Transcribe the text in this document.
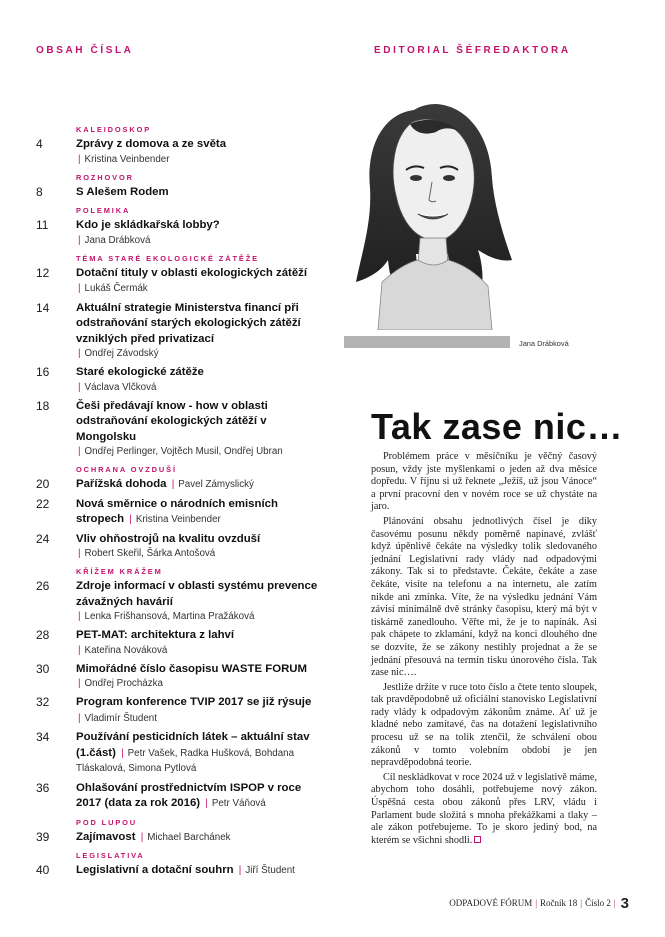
OBSAH ČÍSLA	EDITORIAL ŠÉFREDAKTORA
KALEIDOSKOP
4	Zprávy z domova a ze světa
| Kristina Veinbender
ROZHOVOR
8	S Alešem Rodem
POLEMIKA
11	Kdo je skládkařská lobby?
| Jana Drábková
TÉMA STARÉ EKOLOGICKÉ ZÁTĚŽE
12	Dotační tituly v oblasti ekologických zátěží | Lukáš Čermák
14	Aktuální strategie Ministerstva financí při odstraňování starých ekologických zátěží vzniklých před privatizací
| Ondřej Závodský
16	Staré ekologické zátěže
| Václava Vlčková
18	Češi předávají know - how v oblasti odstraňování ekologických zátěží v Mongolsku
| Ondřej Perlinger, Vojtěch Musil, Ondřej Ubran
OCHRANA OVZDUŠÍ
20	Pařížská dohoda | Pavel Zámyslický
22	Nová směrnice o národních emisních stropech | Kristina Veinbender
24	Vliv ohňostrojů na kvalitu ovzduší
| Robert Skeřil, Šárka Antošová
KŘÍŽEM KRÁŽEM
26	Zdroje informací v oblasti systému prevence závažných havárií
| Lenka Frišhansová, Martina Pražáková
28	PET-MAT: architektura z lahví
| Kateřina Nováková
30	Mimořádné číslo časopisu WASTE FORUM
| Ondřej Procházka
32	Program konference TVIP 2017 se již rýsuje | Vladimír Študent
34	Používání pesticidních látek – aktuální stav (1.část) | Petr Vašek, Radka Hušková, Bohdana Tláskalová, Simona Pytlová
36	Ohlašování prostřednictvím ISPOP v roce 2017 (data za rok 2016) | Petr Váňová
POD LUPOU
39	Zajímavost | Michael Barchánek
LEGISLATIVA
40	Legislativní a dotační souhrn | Jiří Študent
Jana Drábková
Tak zase nic…

Problémem práce v měsíčníku je věčný časový posun, vždy jste myšlenkami o jeden až dva měsíce dopředu. V říjnu si už řeknete „Ježíš, už jsou Vánoce“ a první pracovní den v novém roce se už chystáte na jaro.

Plánování obsahu jednotlivých čísel je díky časovému posunu někdy poměrně napínavé, zvlášť když úpěnlivě čekáte na výsledky tolik sledovaného jednání Legislativní rady vlády nad odpadovými zákony. Tak si to představte. Čekáte, čekáte a zase čekáte, visíte na telefonu a na internetu, ale zatím nikde ani zmínka. Víte, že na výsledku jednání Vám závisí minimálně dvě stránky časopisu, který má být v tiskárně zanedlouho. Věřte mi, že je to napínák. Asi pak chápete to zklamání, když na konci dlouhého dne se dozvíte, že se zákony nestihly projednat a že se jednání přesouvá na termín tisku únorového čísla. Tak zase nic….

Jestliže držíte v ruce toto číslo a čtete tento sloupek, tak pravděpodobně už oficiální stanovisko Legislativní rady vlády k odpadovým zákonům známe. Ať už je kladné nebo zamítavé, čas na dotažení legislativního procesu už se na tolik ztenčil, že schválení obou zákonů v tomto volebním období je jen nepravděpodobná teorie.

Cíl neskládkovat v roce 2024 už v legislativě máme, abychom toho dosáhli, potřebujeme nový zákon. Úspěšná cesta obou zákonů přes LRV, vládu i Parlament bude složitá s mnoha překážkami a tlaky – ale zákon potřebujeme. To je skoro jediný bod, na kterém se všichni shodli.

ODPADOVÉ FÓRUM | Ročník 18 | Číslo 2 | 3
